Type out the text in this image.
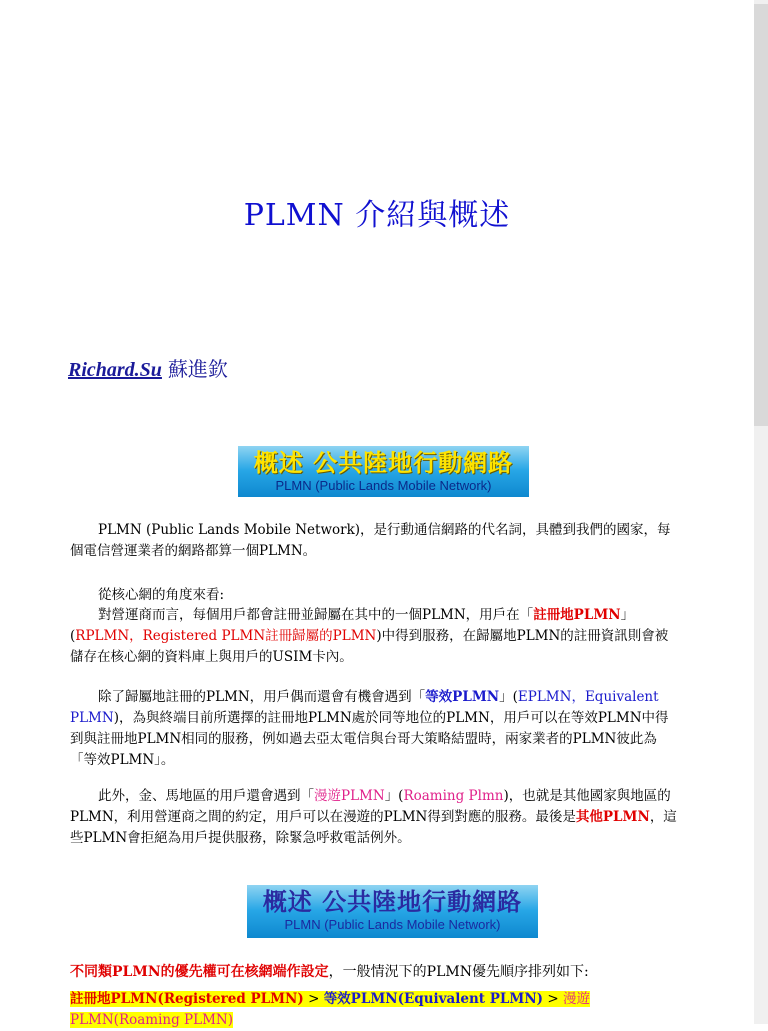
PLMN 介紹與概述
Richard.Su 蘇進欽
概述 公共陸地行動網路
PLMN (Public Lands Mobile Network)
PLMN (Public Lands Mobile Network)，是行動通信網路的代名詞，具體到我們的國家，每個電信營運業者的網路都算一個PLMN。
從核心網的角度來看:
對營運商而言，每個用戶都會註冊並歸屬在其中的一個PLMN，用戶在「註冊地PLMN」(RPLMN，Registered PLMN註冊歸屬的PLMN)中得到服務，在歸屬地PLMN的註冊資訊則會被儲存在核心網的資料庫上與用戶的USIM卡內。
除了歸屬地註冊的PLMN，用戶偶而還會有機會遇到「等效PLMN」(EPLMN，Equivalent PLMN)，為與終端目前所選擇的註冊地PLMN處於同等地位的PLMN，用戶可以在等效PLMN中得到與註冊地PLMN相同的服務，例如過去亞太電信與台哥大策略結盟時，兩家業者的PLMN彼此為「等效PLMN」。
此外，金、馬地區的用戶還會遇到「漫遊PLMN」(Roaming Plmn)，也就是其他國家與地區的PLMN，利用營運商之間的約定，用戶可以在漫遊的PLMN得到對應的服務。最後是其他PLMN，這些PLMN會拒絕為用戶提供服務，除緊急呼救電話例外。
概述 公共陸地行動網路
PLMN (Public Lands Mobile Network)
不同類PLMN的優先權可在核網端作設定，一般情況下的PLMN優先順序排列如下:
註冊地PLMN(Registered PLMN) > 等效PLMN(Equivalent PLMN) > 漫遊PLMN(Roaming PLMN)
